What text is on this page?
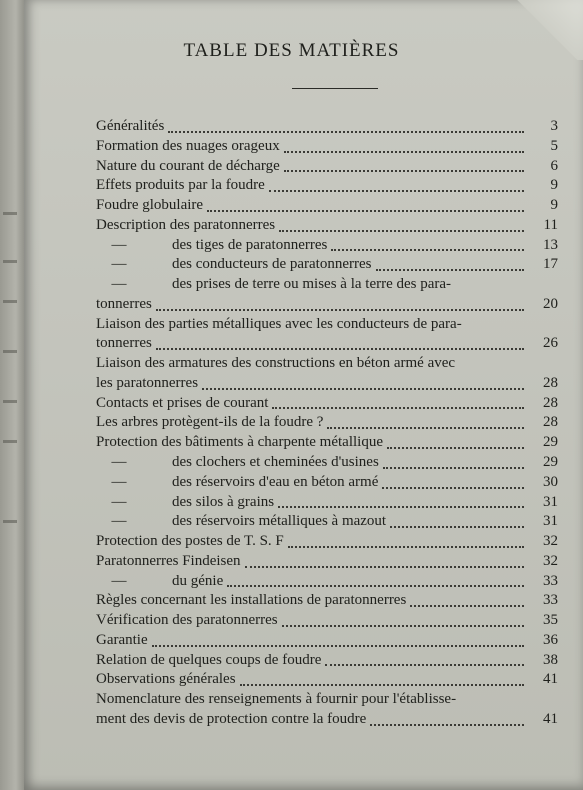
TABLE DES MATIÈRES
Généralités	3
Formation des nuages orageux	5
Nature du courant de décharge	6
Effets produits par la foudre	9
Foudre globulaire	9
Description des paratonnerres	11
—	des tiges de paratonnerres	13
—	des conducteurs de paratonnerres	17
—	des prises de terre ou mises à la terre des para-
tonnerres	20
Liaison des parties métalliques avec les conducteurs de para-
tonnerres	26
Liaison des armatures des constructions en béton armé avec
les paratonnerres	28
Contacts et prises de courant	28
Les arbres protègent-ils de la foudre ?	28
Protection des bâtiments à charpente métallique	29
—	des clochers et cheminées d'usines	29
—	des réservoirs d'eau en béton armé	30
—	des silos à grains	31
—	des réservoirs métalliques à mazout	31
Protection des postes de T. S. F	32
Paratonnerres Findeisen	32
—	du génie	33
Règles concernant les installations de paratonnerres	33
Vérification des paratonnerres	35
Garantie	36
Relation de quelques coups de foudre	38
Observations générales	41
Nomenclature des renseignements à fournir pour l'établisse-
ment des devis de protection contre la foudre	41
